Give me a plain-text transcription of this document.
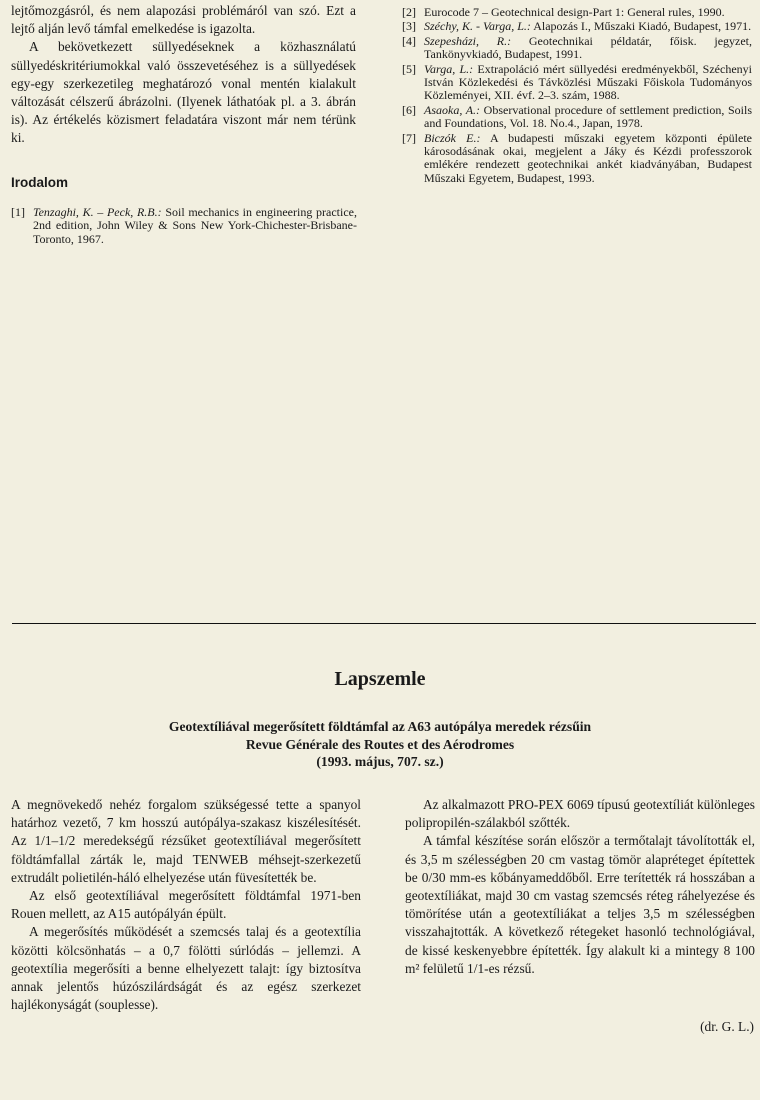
lejtőmozgásról, és nem alapozási problémáról van szó. Ezt a lejtő alján levő támfal emelkedése is igazolta.

A bekövetkezett süllyedéseknek a közhasználatú süllyedéskritériumokkal való összevetéséhez is a süllyedések egy-egy szerkezetileg meghatározó vonal mentén kialakult változását célszerű ábrázolni. (Ilyenek láthatóak pl. a 3. ábrán is). Az értékelés közismert feladatára viszont már nem térünk ki.

Irodalom
[1] Tenzaghi, K. – Peck, R.B.: Soil mechanics in engineering practice, 2nd edition, John Wiley & Sons New York-Chichester-Brisbane-Toronto, 1967.
[2] Eurocode 7 – Geotechnical design-Part 1: General rules, 1990.
[3] Széchy, K. - Varga, L.: Alapozás I., Műszaki Kiadó, Budapest, 1971.
[4] Szepesházi, R.: Geotechnikai példatár, főisk. jegyzet, Tankönyvkiadó, Budapest, 1991.
[5] Varga, L.: Extrapoláció mért süllyedési eredményekből, Széchenyi István Közlekedési és Távközlési Műszaki Főiskola Tudományos Közleményei, XII. évf. 2–3. szám, 1988.
[6] Asaoka, A.: Observational procedure of settlement prediction, Soils and Foundations, Vol. 18. No.4., Japan, 1978.
[7] Biczók E.: A budapesti műszaki egyetem központi épülete károsodásának okai, megjelent a Jáky és Kézdi professzorok emlékére rendezett geotechnikai ankét kiadványában, Budapest Műszaki Egyetem, Budapest, 1993.
Lapszemle
Geotextíliával megerősített földtámfal az A63 autópálya meredek rézsűin
Revue Générale des Routes et des Aérodromes
(1993. május, 707. sz.)

A megnövekedő nehéz forgalom szükségessé tette a spanyol határhoz vezető, 7 km hosszú autópálya-szakasz kiszélesítését. Az 1/1–1/2 meredekségű rézsűket geotextíliával megerősített földtámfallal zárták le, majd TENWEB méhsejt-szerkezetű extrudált polietilén-háló elhelyezése után füvesítették be.

Az első geotextíliával megerősített földtámfal 1971-ben Rouen mellett, az A15 autópályán épült.

A megerősítés működését a szemcsés talaj és a geotextília közötti kölcsönhatás – a 0,7 fölötti súrlódás – jellemzi. A geotextília megerősíti a benne elhelyezett talajt: így biztosítva annak jelentős húzószilárdságát és az egész szerkezet hajlékonyságát (souplesse).

Az alkalmazott PRO-PEX 6069 típusú geotextíliát különleges polipropilén-szálakból szőtték.

A támfal készítése során először a termőtalajt távolították el, és 3,5 m szélességben 20 cm vastag tömör alapréteget építettek be 0/30 mm-es kőbányameddőből. Erre terítették rá hosszában a geotextíliákat, majd 30 cm vastag szemcsés réteg ráhelyezése és tömörítése után a geotextíliákat a teljes 3,5 m szélességben visszahajtották. A következő rétegeket hasonló technológiával, de kissé keskenyebbre építették. Így alakult ki a mintegy 8 100 m² felületű 1/1-es rézsű.

(dr. G. L.)
